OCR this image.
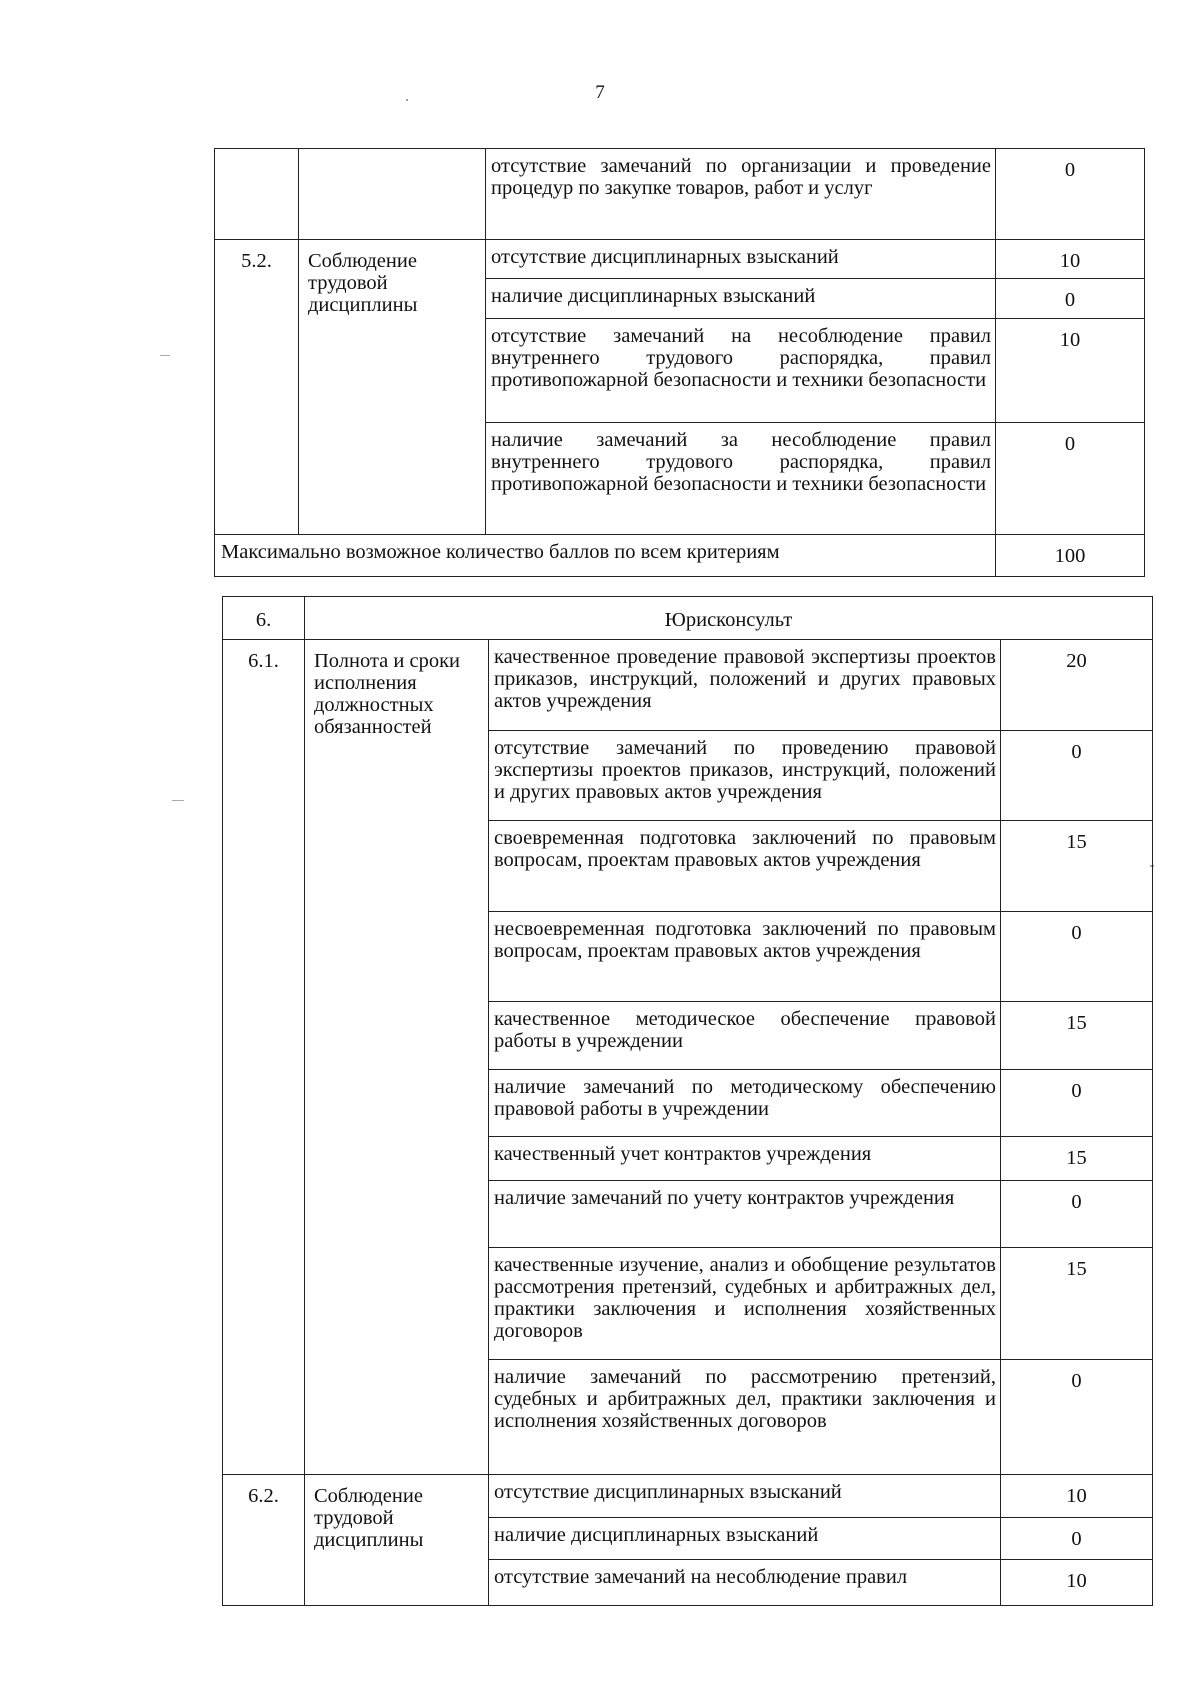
7
		отсутствие замечаний по организации и проведение процедур по закупке товаров, работ и услуг	0
5.2.	Соблюдение трудовой дисциплины	отсутствие дисциплинарных взысканий	10
		наличие дисциплинарных взысканий	0
		отсутствие замечаний на несоблюдение правил внутреннего трудового распорядка, правил противопожарной безопасности и техники безопасности	10
		наличие замечаний за несоблюдение правил внутреннего трудового распорядка, правил противопожарной безопасности и техники безопасности	0
Максимально возможное количество баллов по всем критериям			100
6.	Юрисконсульт		
6.1.	Полнота и сроки исполнения должностных обязанностей	качественное проведение правовой экспертизы проектов приказов, инструкций, положений и других правовых актов учреждения	20
		отсутствие замечаний по проведению правовой экспертизы проектов приказов, инструкций, положений и других правовых актов учреждения	0
		своевременная подготовка заключений по правовым вопросам, проектам правовых актов учреждения	15
		несвоевременная подготовка заключений по правовым вопросам, проектам правовых актов учреждения	0
		качественное методическое обеспечение правовой работы в учреждении	15
		наличие замечаний по методическому обеспечению правовой работы в учреждении	0
		качественный учет контрактов учреждения	15
		наличие замечаний по учету контрактов учреждения	0
		качественные изучение, анализ и обобщение результатов рассмотрения претензий, судебных и арбитражных дел, практики заключения и исполнения хозяйственных договоров	15
		наличие замечаний по рассмотрению претензий, судебных и арбитражных дел, практики заключения и исполнения хозяйственных договоров	0
6.2.	Соблюдение трудовой дисциплины	отсутствие дисциплинарных взысканий	10
		наличие дисциплинарных взысканий	0
		отсутствие замечаний на несоблюдение правил	10
